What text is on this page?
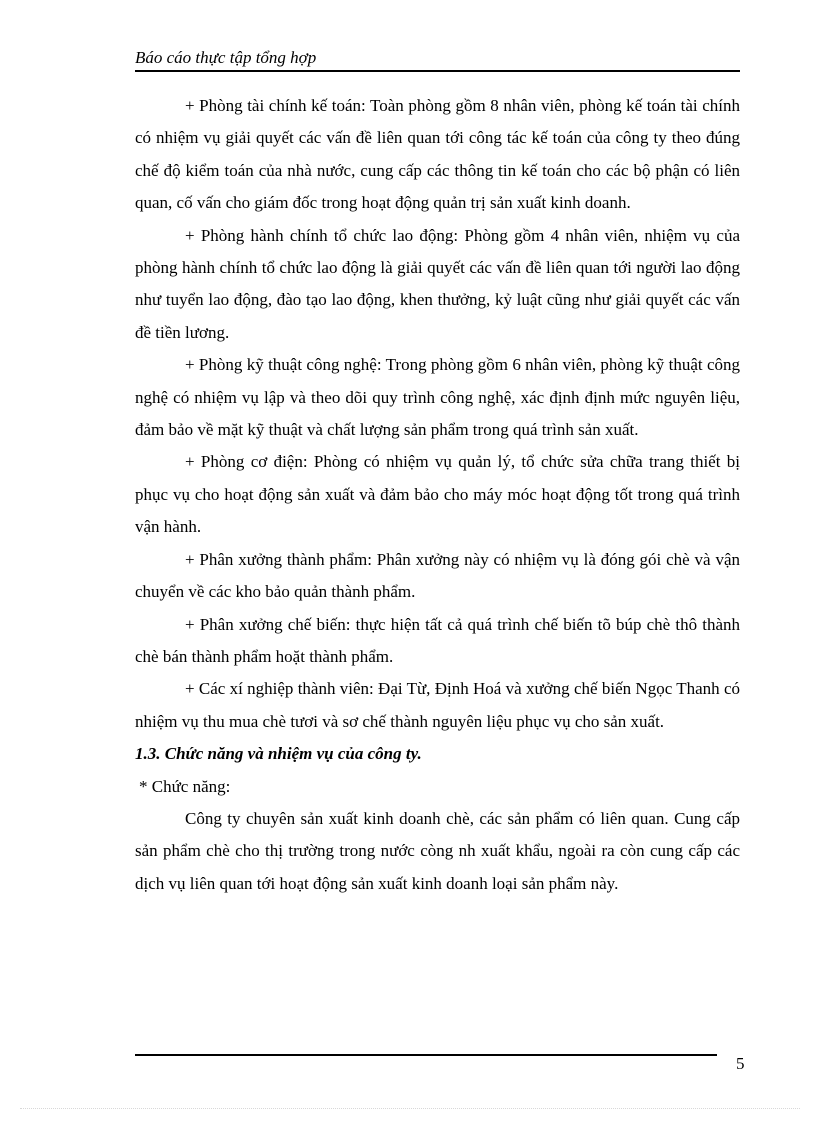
Báo cáo thực tập tổng hợp

+ Phòng tài chính kế toán: Toàn phòng gồm 8 nhân viên, phòng kế toán tài chính có nhiệm vụ giải quyết các vấn đề liên quan tới công tác kế toán của công ty theo đúng chế độ kiểm toán của nhà nước, cung cấp các thông tin kế toán cho các bộ phận có liên quan, cố vấn cho giám đốc trong hoạt động quản trị sản xuất kinh doanh.

+ Phòng hành chính tổ chức lao động: Phòng gồm 4 nhân viên, nhiệm vụ của phòng hành chính tổ chức lao động là giải quyết các vấn đề liên quan tới người lao động như tuyển lao động, đào tạo lao động, khen thưởng, kỷ luật cũng như giải quyết các vấn đề tiền lương.

+ Phòng kỹ thuật công nghệ: Trong phòng gồm 6 nhân viên, phòng kỹ thuật công nghệ có nhiệm vụ lập và theo dõi quy trình công nghệ, xác định định mức nguyên liệu, đảm bảo về mặt kỹ thuật và chất lượng sản phẩm trong quá trình sản xuất.

+ Phòng cơ điện: Phòng có nhiệm vụ quản lý, tổ chức sửa chữa trang thiết bị phục vụ cho hoạt động sản xuất và đảm bảo cho máy móc hoạt động tốt trong quá trình vận hành.

+ Phân xưởng thành phẩm: Phân xưởng này có nhiệm vụ là đóng gói chè và vận chuyển về các kho bảo quản thành phẩm.

+ Phân xưởng chế biến: thực hiện tất cả quá trình chế biến tõ búp chè thô thành chè bán thành phẩm hoặt thành phẩm.

+ Các xí nghiệp thành viên: Đại Từ, Định Hoá và xưởng chế biến Ngọc Thanh có nhiệm vụ thu mua chè tươi và sơ chế thành nguyên liệu phục vụ cho sản xuất.

1.3. Chức năng và nhiệm vụ của công ty.

* Chức năng:

Công ty chuyên sản xuất kinh doanh chè, các sản phẩm có liên quan. Cung cấp sản phẩm chè cho thị trường trong nước còng nh xuất khẩu, ngoài ra còn cung cấp các dịch vụ liên quan tới hoạt động sản xuất kinh doanh loại sản phẩm này.

5
